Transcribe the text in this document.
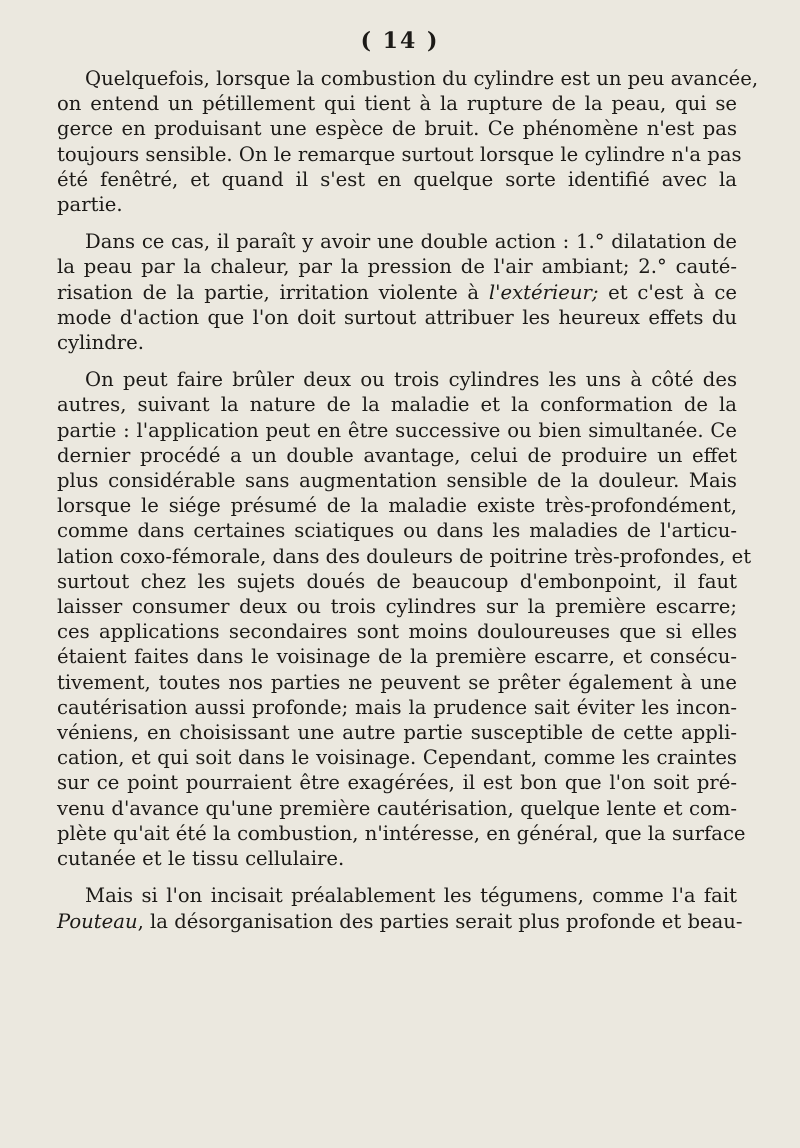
( 14 )
Quelquefois, lorsque la combustion du cylindre est un peu avancée,
on entend un pétillement qui tient à la rupture de la peau, qui se
gerce en produisant une espèce de bruit. Ce phénomène n'est pas
toujours sensible. On le remarque surtout lorsque le cylindre n'a pas
été fenêtré, et quand il s'est en quelque sorte identifié avec la
partie.
Dans ce cas, il paraît y avoir une double action : 1.° dilatation de
la peau par la chaleur, par la pression de l'air ambiant; 2.° cauté-
risation de la partie, irritation violente à l'extérieur; et c'est à ce
mode d'action que l'on doit surtout attribuer les heureux effets du
cylindre.
On peut faire brûler deux ou trois cylindres les uns à côté des
autres, suivant la nature de la maladie et la conformation de la
partie : l'application peut en être successive ou bien simultanée. Ce
dernier procédé a un double avantage, celui de produire un effet
plus considérable sans augmentation sensible de la douleur. Mais
lorsque le siége présumé de la maladie existe très-profondément,
comme dans certaines sciatiques ou dans les maladies de l'articu-
lation coxo-fémorale, dans des douleurs de poitrine très-profondes, et
surtout chez les sujets doués de beaucoup d'embonpoint, il faut
laisser consumer deux ou trois cylindres sur la première escarre;
ces applications secondaires sont moins douloureuses que si elles
étaient faites dans le voisinage de la première escarre, et consécu-
tivement, toutes nos parties ne peuvent se prêter également à une
cautérisation aussi profonde; mais la prudence sait éviter les incon-
véniens, en choisissant une autre partie susceptible de cette appli-
cation, et qui soit dans le voisinage. Cependant, comme les craintes
sur ce point pourraient être exagérées, il est bon que l'on soit pré-
venu d'avance qu'une première cautérisation, quelque lente et com-
plète qu'ait été la combustion, n'intéresse, en général, que la surface
cutanée et le tissu cellulaire.
Mais si l'on incisait préalablement les tégumens, comme l'a fait
Pouteau, la désorganisation des parties serait plus profonde et beau-
